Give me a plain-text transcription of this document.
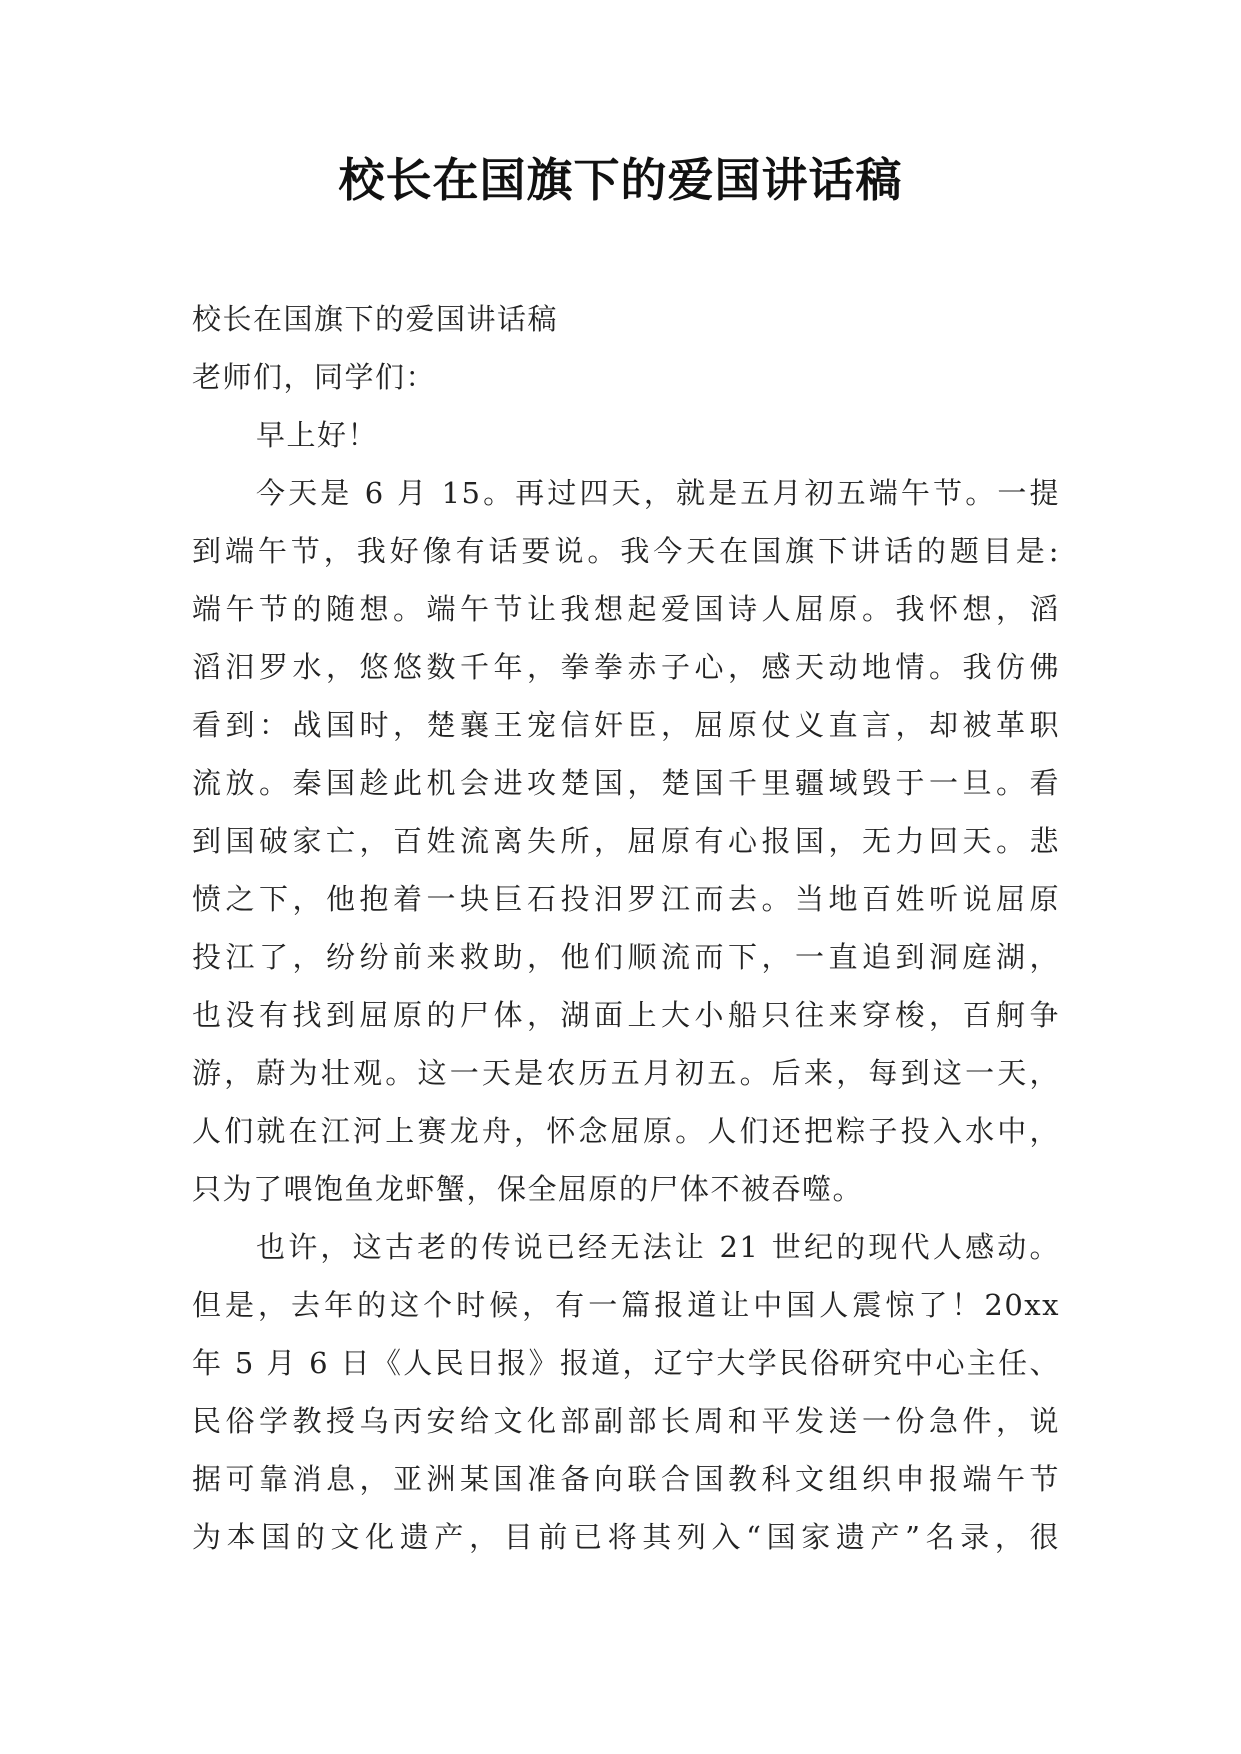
校长在国旗下的爱国讲话稿
校长在国旗下的爱国讲话稿
老师们，同学们：
早上好！
今天是 6 月 15。再过四天，就是五月初五端午节。一提
到端午节，我好像有话要说。我今天在国旗下讲话的题目是:
端午节的随想。端午节让我想起爱国诗人屈原。我怀想，滔
滔汨罗水，悠悠数千年，拳拳赤子心，感天动地情。我仿佛
看到：战国时，楚襄王宠信奸臣，屈原仗义直言，却被革职
流放。秦国趁此机会进攻楚国，楚国千里疆域毁于一旦。看
到国破家亡，百姓流离失所，屈原有心报国，无力回天。悲
愤之下，他抱着一块巨石投汨罗江而去。当地百姓听说屈原
投江了，纷纷前来救助，他们顺流而下，一直追到洞庭湖，
也没有找到屈原的尸体，湖面上大小船只往来穿梭，百舸争
游，蔚为壮观。这一天是农历五月初五。后来，每到这一天，
人们就在江河上赛龙舟，怀念屈原。人们还把粽子投入水中，
只为了喂饱鱼龙虾蟹，保全屈原的尸体不被吞噬。
也许，这古老的传说已经无法让 21 世纪的现代人感动。
但是，去年的这个时候，有一篇报道让中国人震惊了！20xx
年 5 月 6 日《人民日报》报道，辽宁大学民俗研究中心主任、
民俗学教授乌丙安给文化部副部长周和平发送一份急件，说
据可靠消息，亚洲某国准备向联合国教科文组织申报端午节
为本国的文化遗产，目前已将其列入“国家遗产”名录，很
